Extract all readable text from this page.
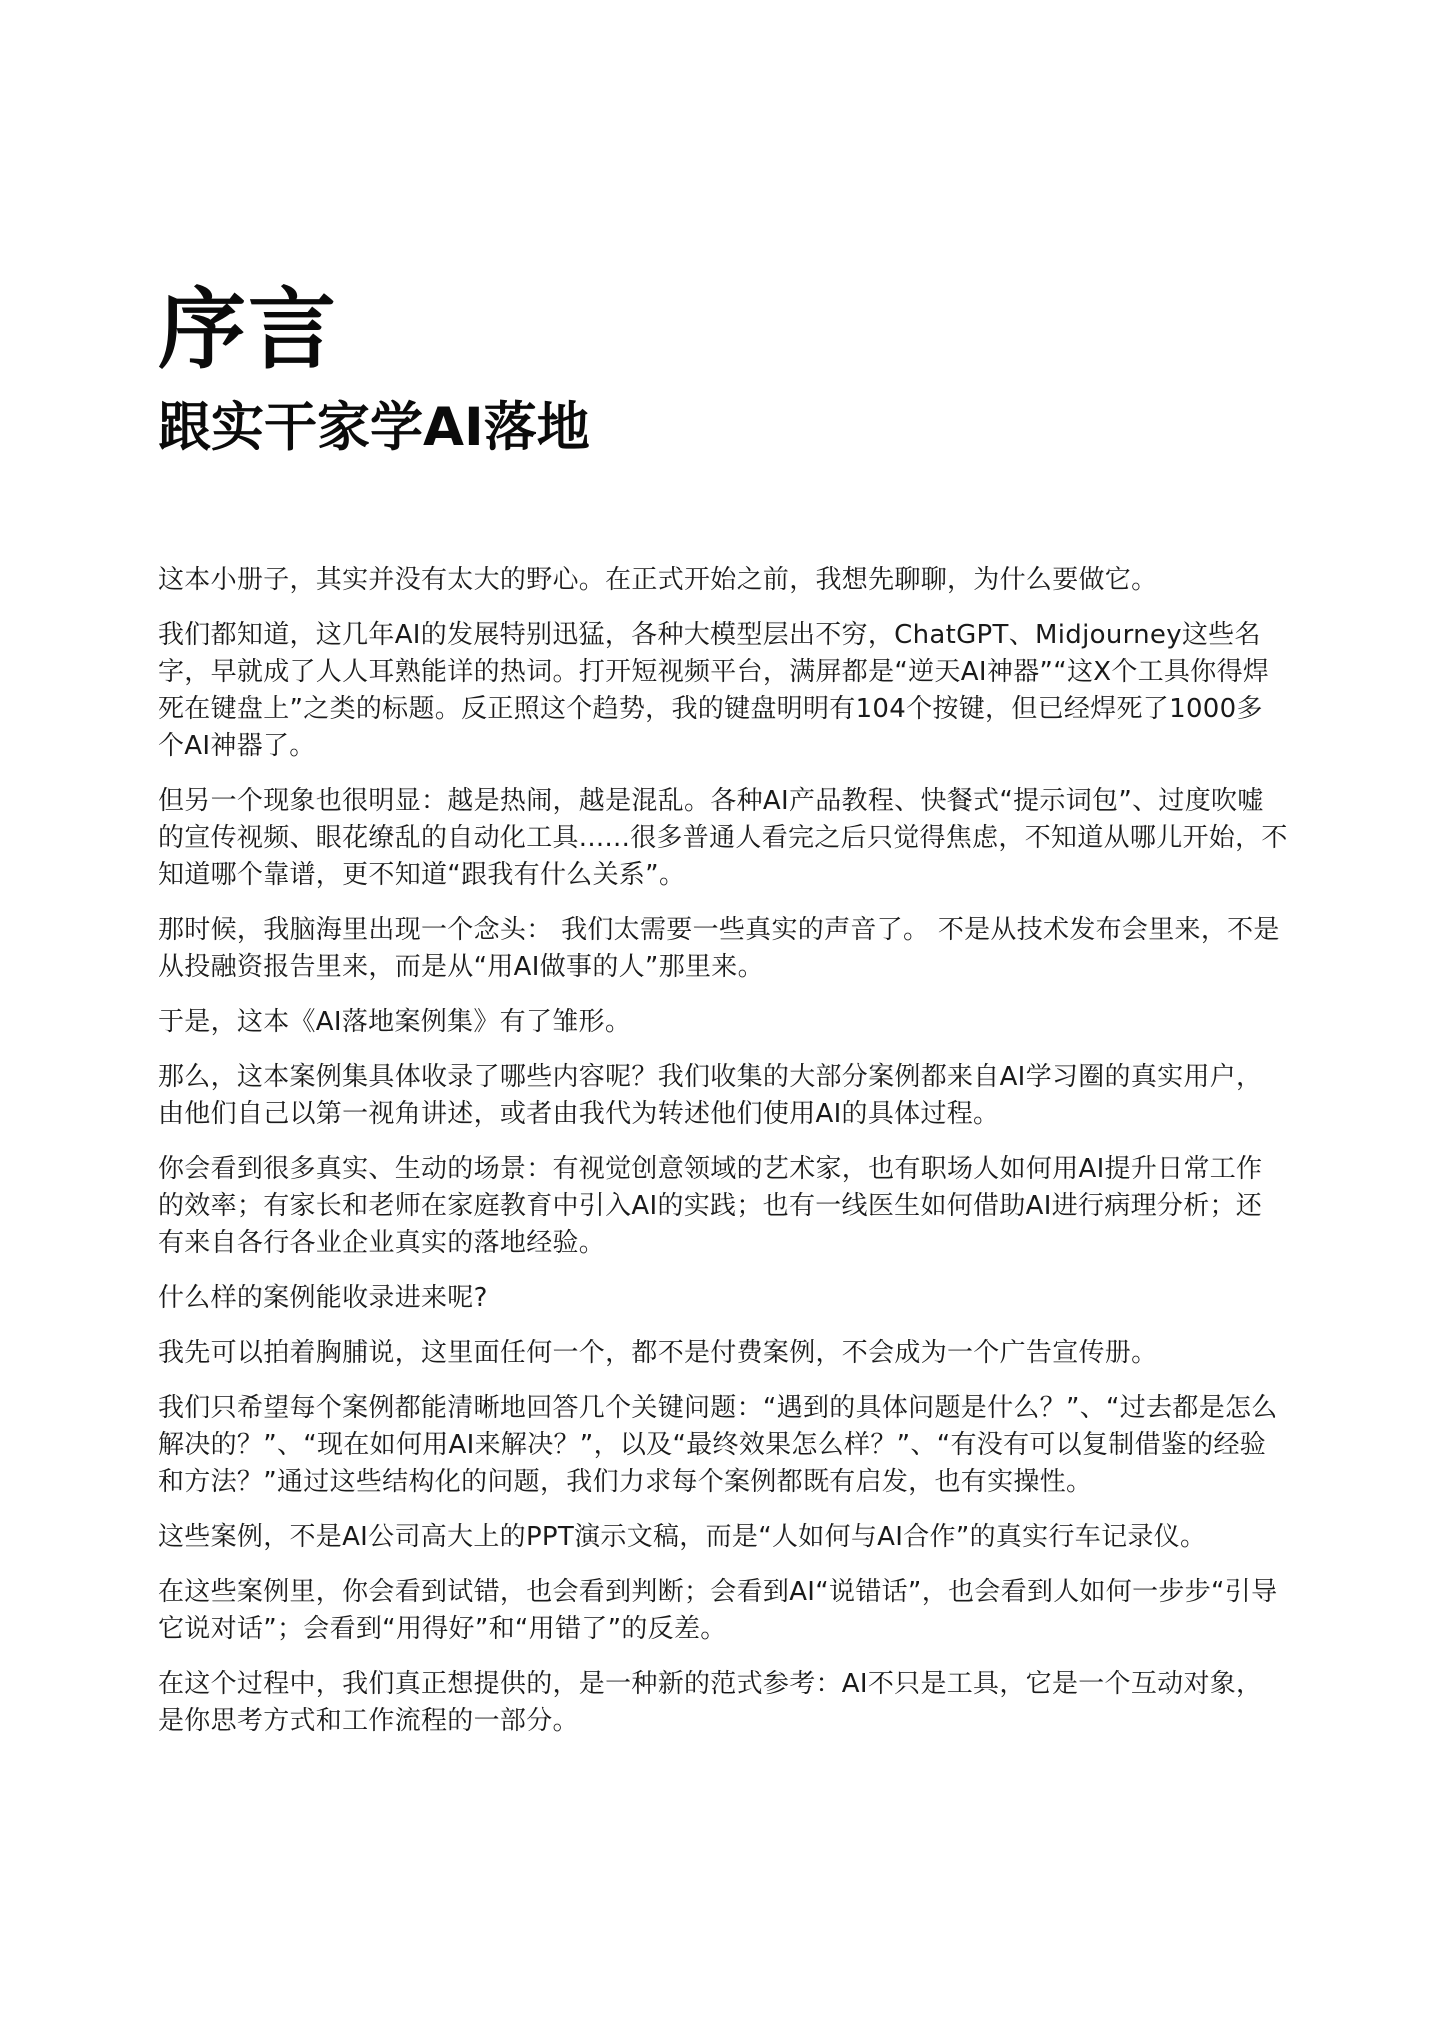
序言
跟实干家学AI落地

这本小册子，其实并没有太大的野心。在正式开始之前，我想先聊聊，为什么要做它。

我们都知道，这几年AI的发展特别迅猛，各种大模型层出不穷，ChatGPT、Midjourney这些名字，早就成了人人耳熟能详的热词。打开短视频平台，满屏都是“逆天AI神器”“这X个工具你得焊死在键盘上”之类的标题。反正照这个趋势，我的键盘明明有104个按键，但已经焊死了1000多个AI神器了。

但另一个现象也很明显：越是热闹，越是混乱。各种AI产品教程、快餐式“提示词包”、过度吹嘘的宣传视频、眼花缭乱的自动化工具......很多普通人看完之后只觉得焦虑，不知道从哪儿开始，不知道哪个靠谱，更不知道“跟我有什么关系”。

那时候，我脑海里出现一个念头： 我们太需要一些真实的声音了。 不是从技术发布会里来，不是从投融资报告里来，而是从“用AI做事的人”那里来。

于是，这本《AI落地案例集》有了雏形。

那么，这本案例集具体收录了哪些内容呢？我们收集的大部分案例都来自AI学习圈的真实用户，由他们自己以第一视角讲述，或者由我代为转述他们使用AI的具体过程。

你会看到很多真实、生动的场景：有视觉创意领域的艺术家，也有职场人如何用AI提升日常工作的效率；有家长和老师在家庭教育中引入AI的实践；也有一线医生如何借助AI进行病理分析；还有来自各行各业企业真实的落地经验。

什么样的案例能收录进来呢?

我先可以拍着胸脯说，这里面任何一个，都不是付费案例，不会成为一个广告宣传册。

我们只希望每个案例都能清晰地回答几个关键问题：“遇到的具体问题是什么？”、“过去都是怎么解决的？”、“现在如何用AI来解决？”，以及“最终效果怎么样？”、“有没有可以复制借鉴的经验和方法？”通过这些结构化的问题，我们力求每个案例都既有启发，也有实操性。

这些案例，不是AI公司高大上的PPT演示文稿，而是“人如何与AI合作”的真实行车记录仪。

在这些案例里，你会看到试错，也会看到判断；会看到AI“说错话”，也会看到人如何一步步“引导它说对话”；会看到“用得好”和“用错了”的反差。

在这个过程中，我们真正想提供的，是一种新的范式参考：AI不只是工具，它是一个互动对象，是你思考方式和工作流程的一部分。
